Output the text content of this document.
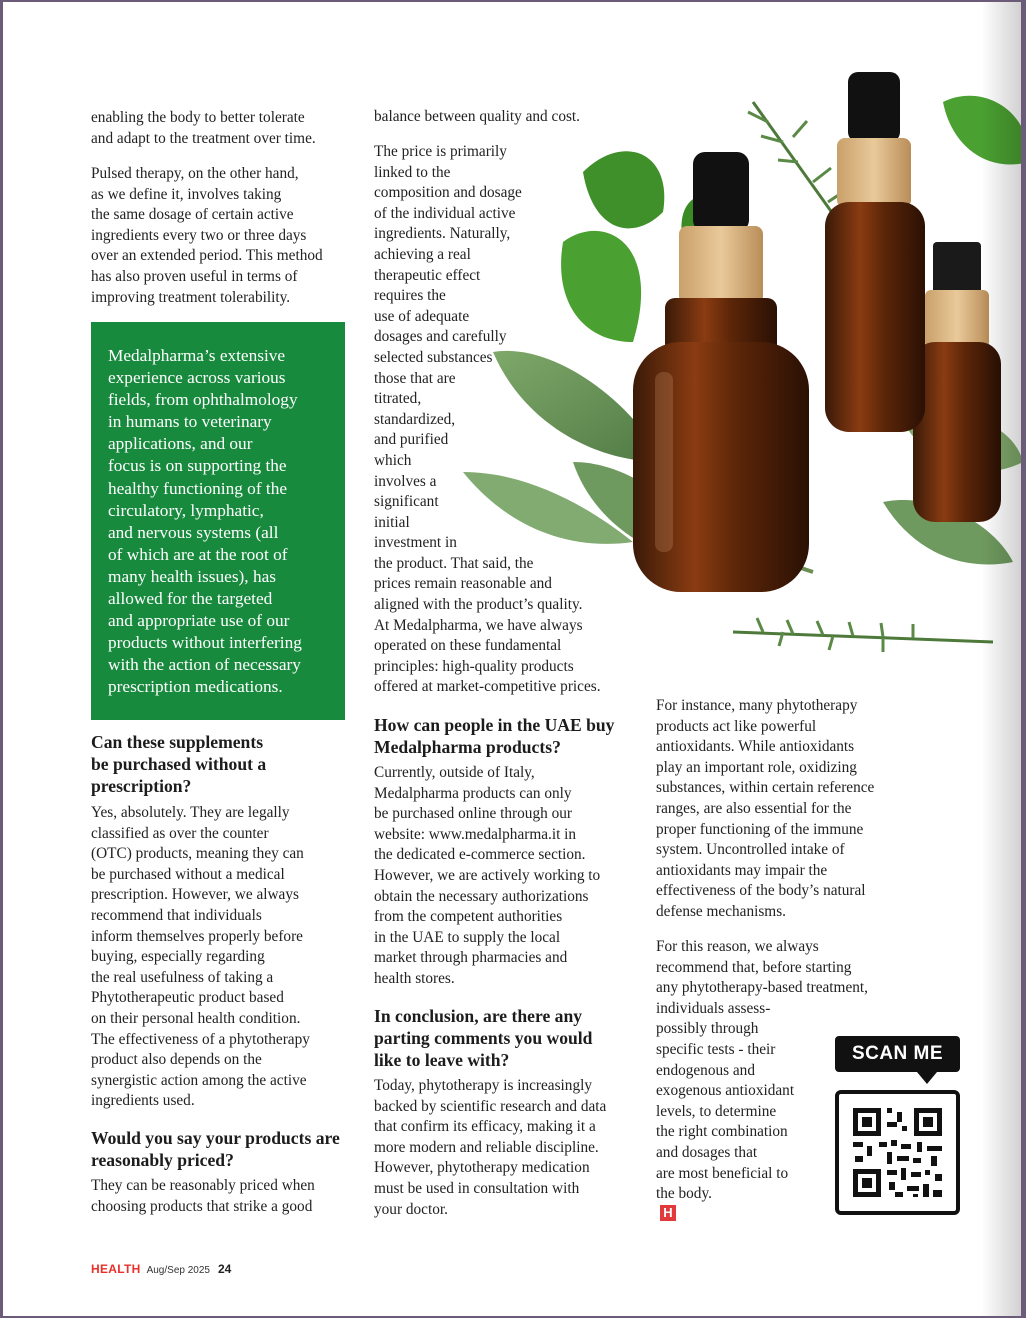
enabling the body to better tolerate
and adapt to the treatment over time.

Pulsed therapy, on the other hand,
as we define it, involves taking
the same dosage of certain active
ingredients every two or three days
over an extended period. This method
has also proven useful in terms of
improving treatment tolerability.

Medalpharma’s extensive
experience across various
fields, from ophthalmology
in humans to veterinary
applications, and our
focus is on supporting the
healthy functioning of the
circulatory, lymphatic,
and nervous systems (all
of which are at the root of
many health issues), has
allowed for the targeted
and appropriate use of our
products without interfering
with the action of necessary
prescription medications.
Can these supplements
be purchased without a
prescription?

Yes, absolutely. They are legally
classified as over the counter
(OTC) products, meaning they can
be purchased without a medical
prescription. However, we always
recommend that individuals
inform themselves properly before
buying, especially regarding
the real usefulness of taking a
Phytotherapeutic product based
on their personal health condition.
The effectiveness of a phytotherapy
product also depends on the
synergistic action among the active
ingredients used.

Would you say your products are
reasonably priced?

They can be reasonably priced when
choosing products that strike a good

balance between quality and cost.

The price is primarily
linked to the
composition and dosage
of the individual active
ingredients. Naturally,
achieving a real
therapeutic effect
requires the
use of adequate
dosages and carefully
selected substances
those that are
titrated,
standardized,
and purified
which
involves a
significant
initial
investment in
the product. That said, the
prices remain reasonable and
aligned with the product’s quality.
At Medalpharma, we have always
operated on these fundamental
principles: high-quality products
offered at market-competitive prices.

How can people in the UAE buy
Medalpharma products?

Currently, outside of Italy,
Medalpharma products can only
be purchased online through our
website: www.medalpharma.it in
the dedicated e-commerce section.
However, we are actively working to
obtain the necessary authorizations
from the competent authorities
in the UAE to supply the local
market through pharmacies and
health stores.

In conclusion, are there any
parting comments you would
like to leave with?

Today, phytotherapy is increasingly
backed by scientific research and data
that confirm its efficacy, making it a
more modern and reliable discipline.
However, phytotherapy medication
must be used in consultation with
your doctor.

For instance, many phytotherapy
products act like powerful
antioxidants. While antioxidants
play an important role, oxidizing
substances, within certain reference
ranges, are also essential for the
proper functioning of the immune
system. Uncontrolled intake of
antioxidants may impair the
effectiveness of the body’s natural
defense mechanisms.

For this reason, we always
recommend that, before starting
any phytotherapy-based treatment,
individuals assess-
possibly through
specific tests - their
endogenous and
exogenous antioxidant
levels, to determine
the right combination
and dosages that
are most beneficial to
the body.
H

SCAN ME
HEALTH Aug/Sep 2025 24
